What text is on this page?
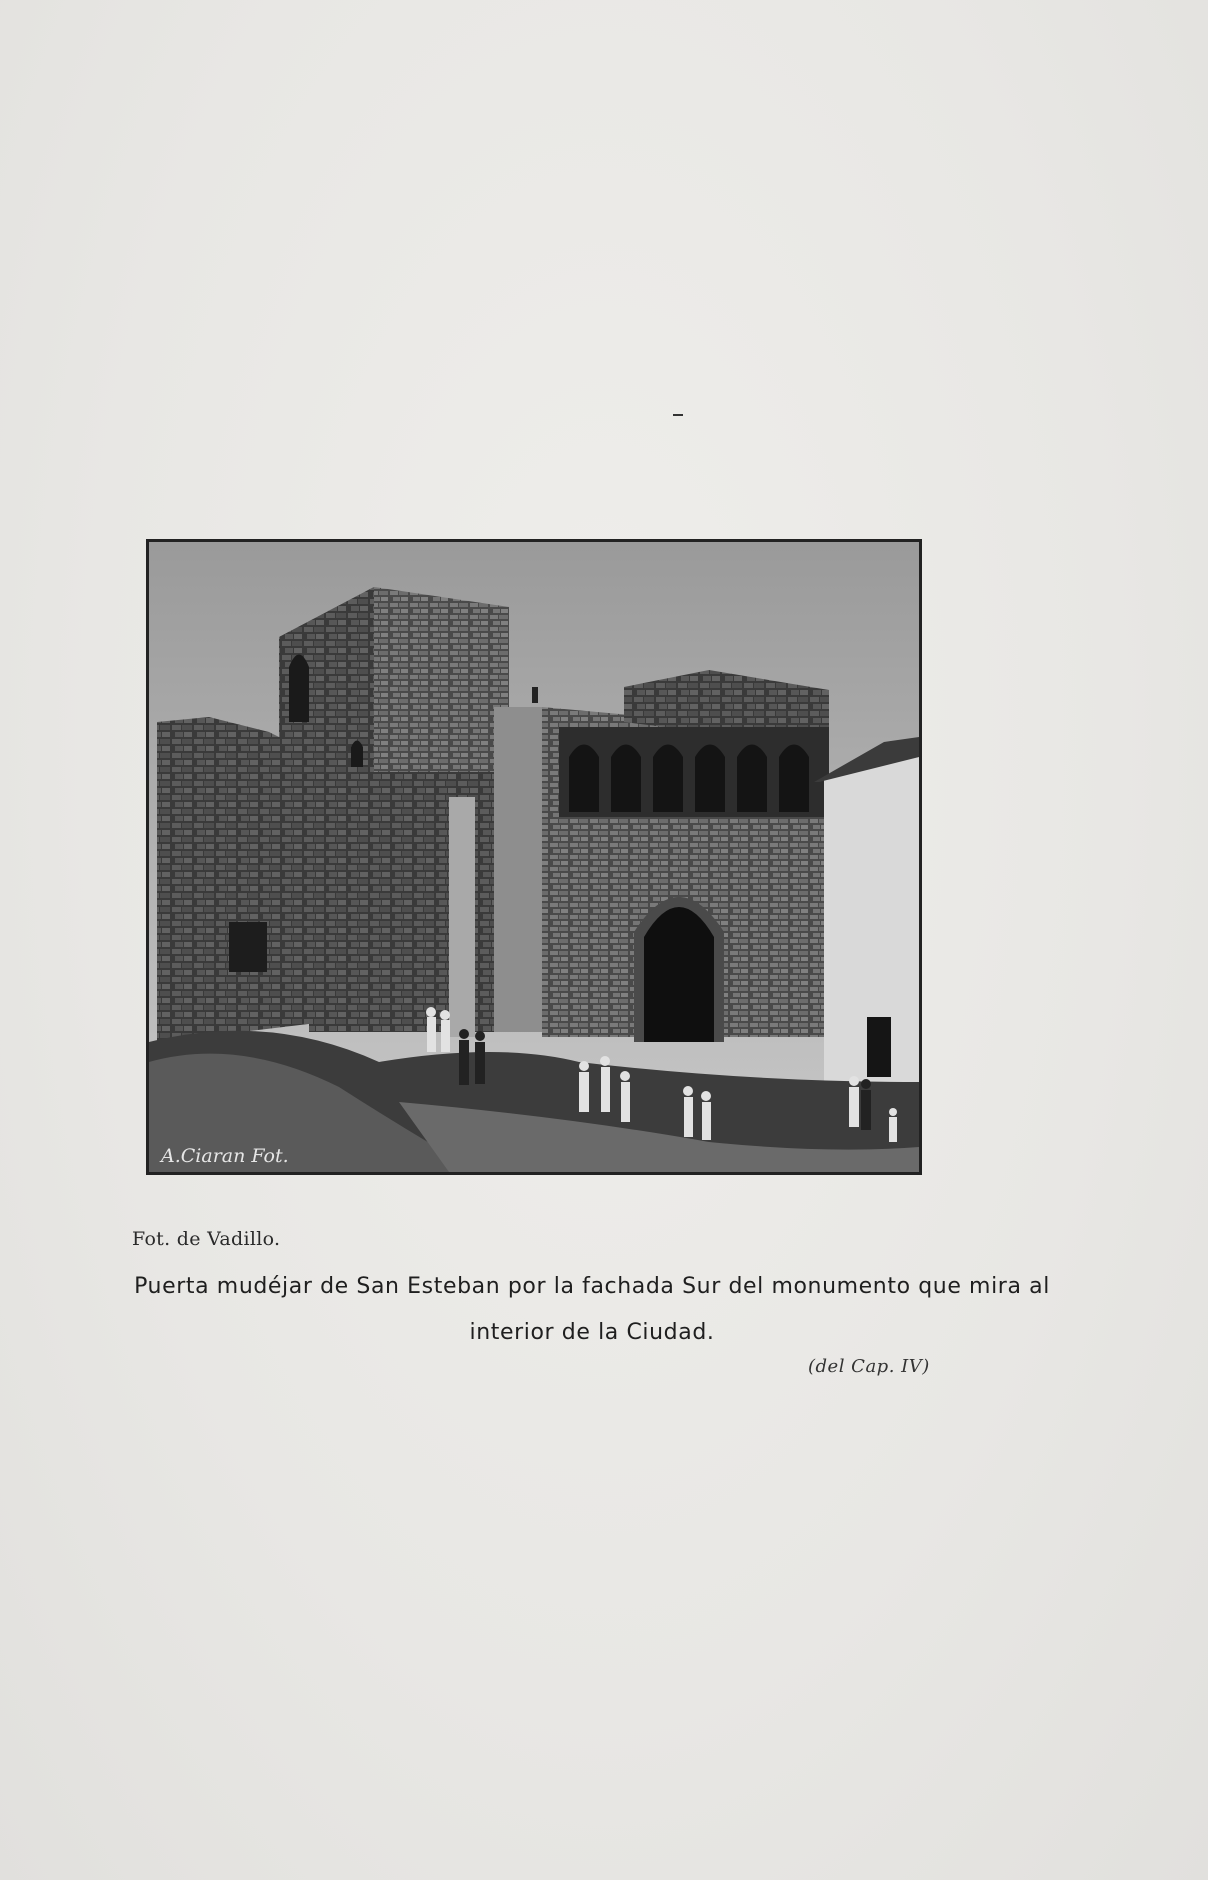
A.Ciaran Fot.
Fot. de Vadillo.
Puerta mudéjar de San Esteban por la fachada Sur del monumento que mira al
interior de la Ciudad.
(del Cap. IV)
